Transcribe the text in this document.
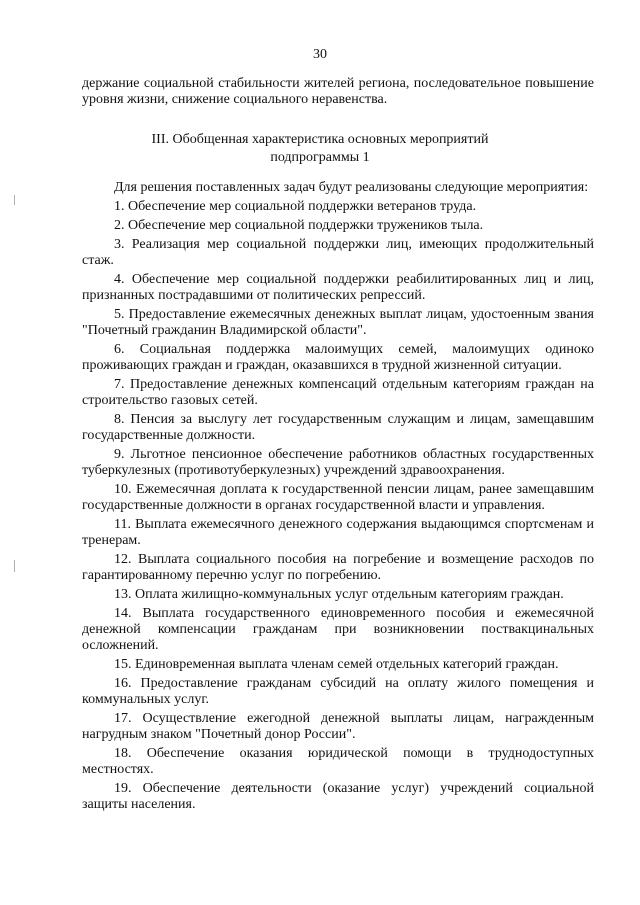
30

держание социальной стабильности жителей региона, последовательное повышение уровня жизни, снижение социального неравенства.

III. Обобщенная характеристика основных мероприятий
подпрограммы 1

Для решения поставленных задач будут реализованы следующие мероприятия:

1. Обеспечение мер социальной поддержки ветеранов труда.

2. Обеспечение мер социальной поддержки тружеников тыла.

3. Реализация мер социальной поддержки лиц, имеющих продолжительный стаж.

4. Обеспечение мер социальной поддержки реабилитированных лиц и лиц, признанных пострадавшими от политических репрессий.

5. Предоставление ежемесячных денежных выплат лицам, удостоенным звания "Почетный гражданин Владимирской области".

6. Социальная поддержка малоимущих семей, малоимущих одиноко проживающих граждан и граждан, оказавшихся в трудной жизненной ситуации.

7. Предоставление денежных компенсаций отдельным категориям граждан на строительство газовых сетей.

8. Пенсия за выслугу лет государственным служащим и лицам, замещавшим государственные должности.

9. Льготное пенсионное обеспечение работников областных государственных туберкулезных (противотуберкулезных) учреждений здравоохранения.

10. Ежемесячная доплата к государственной пенсии лицам, ранее замещавшим государственные должности в органах государственной власти и управления.

11. Выплата ежемесячного денежного содержания выдающимся спортсменам и тренерам.

12. Выплата социального пособия на погребение и возмещение расходов по гарантированному перечню услуг по погребению.

13. Оплата жилищно-коммунальных услуг отдельным категориям граждан.

14. Выплата государственного единовременного пособия и ежемесячной денежной компенсации гражданам при возникновении поствакцинальных осложнений.

15. Единовременная выплата членам семей отдельных категорий граждан.

16. Предоставление гражданам субсидий на оплату жилого помещения и коммунальных услуг.

17. Осуществление ежегодной денежной выплаты лицам, награжденным нагрудным знаком "Почетный донор России".

18. Обеспечение оказания юридической помощи в труднодоступных местностях.

19. Обеспечение деятельности (оказание услуг) учреждений социальной защиты населения.
